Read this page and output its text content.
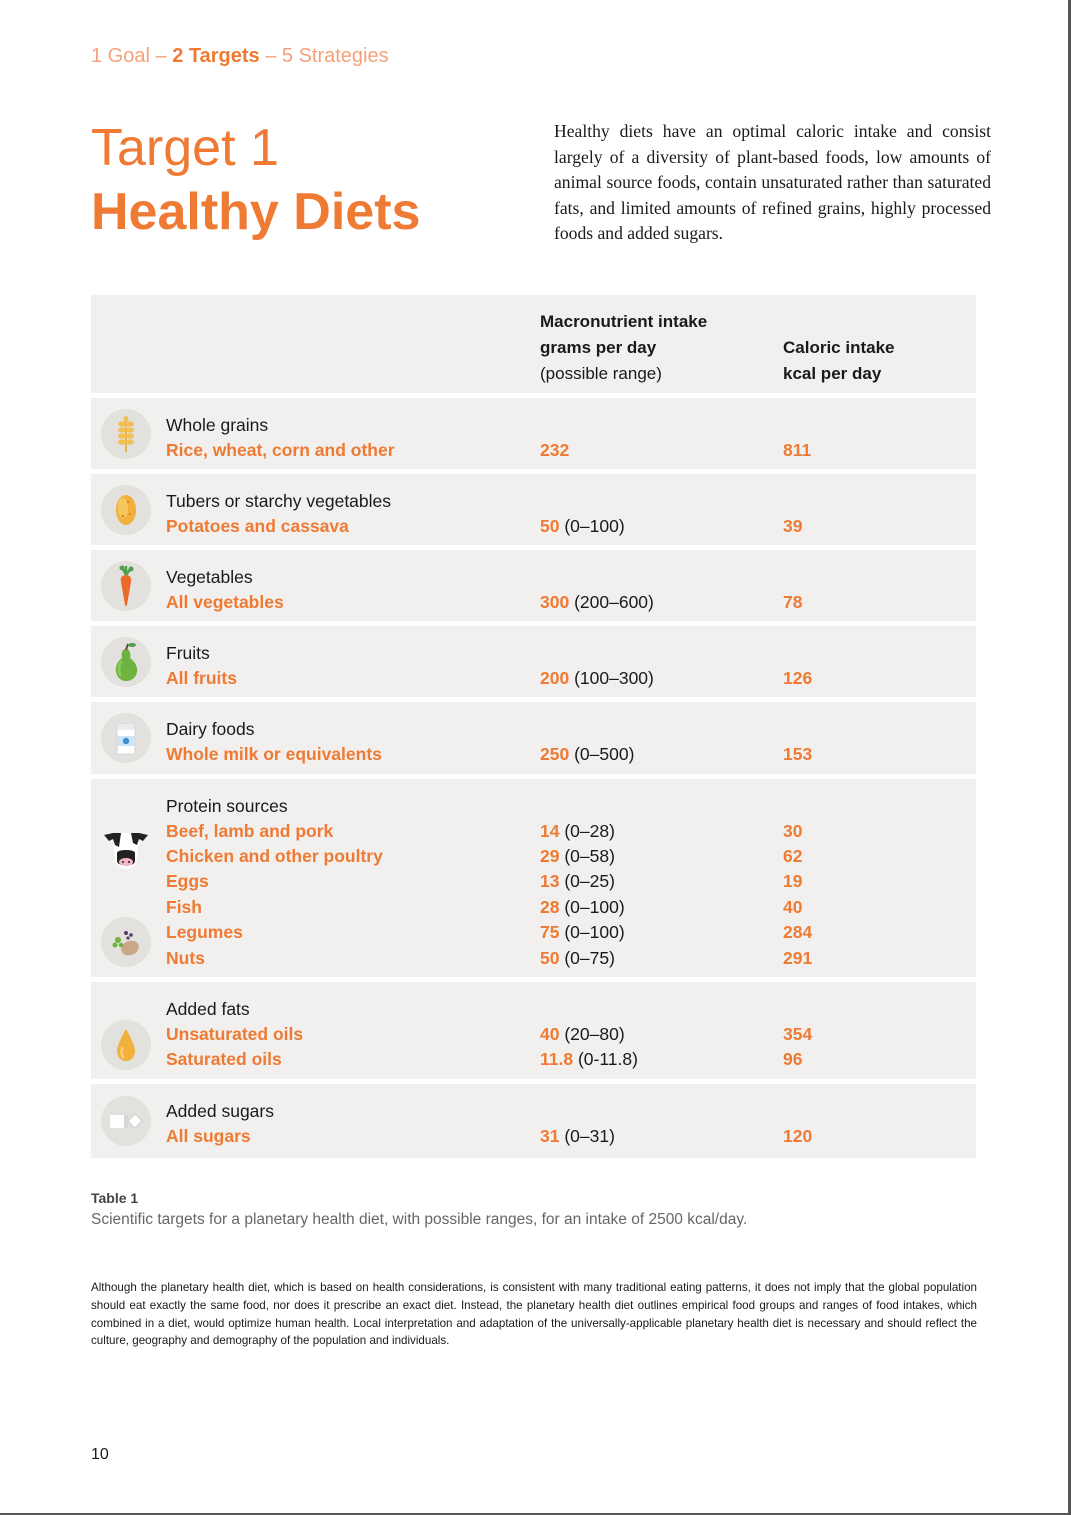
1 Goal – 2 Targets – 5 Strategies
Target 1
Healthy Diets
Healthy diets have an optimal caloric intake and consist largely of a diversity of plant-based foods, low amounts of animal source foods, contain unsaturated rather than saturated fats, and limited amounts of refined grains, highly processed foods and added sugars.
Macronutrient intake
grams per day
(possible range)
Caloric intake
kcal per day
Whole grains
Rice, wheat, corn and other	232	811
Tubers or starchy vegetables
Potatoes and cassava	50 (0–100)	39
Vegetables
All vegetables	300 (200–600)	78
Fruits
All fruits	200 (100–300)	126
Dairy foods
Whole milk or equivalents	250 (0–500)	153
Protein sources
Beef, lamb and pork	14 (0–28)	30
Chicken and other poultry	29 (0–58)	62
Eggs	13 (0–25)	19
Fish	28 (0–100)	40
Legumes	75 (0–100)	284
Nuts	50 (0–75)	291
Added fats
Unsaturated oils	40 (20–80)	354
Saturated oils	11.8 (0-11.8)	96
Added sugars
All sugars	31 (0–31)	120
Table 1
Scientific targets for a planetary health diet, with possible ranges, for an intake of 2500 kcal/day.
Although the planetary health diet, which is based on health considerations, is consistent with many traditional eating patterns, it does not imply that the global population should eat exactly the same food, nor does it prescribe an exact diet. Instead, the planetary health diet outlines empirical food groups and ranges of food intakes, which combined in a diet, would optimize human health. Local interpretation and adaptation of the universally-applicable planetary health diet is necessary and should reflect the culture, geography and demography of the population and individuals.
10
